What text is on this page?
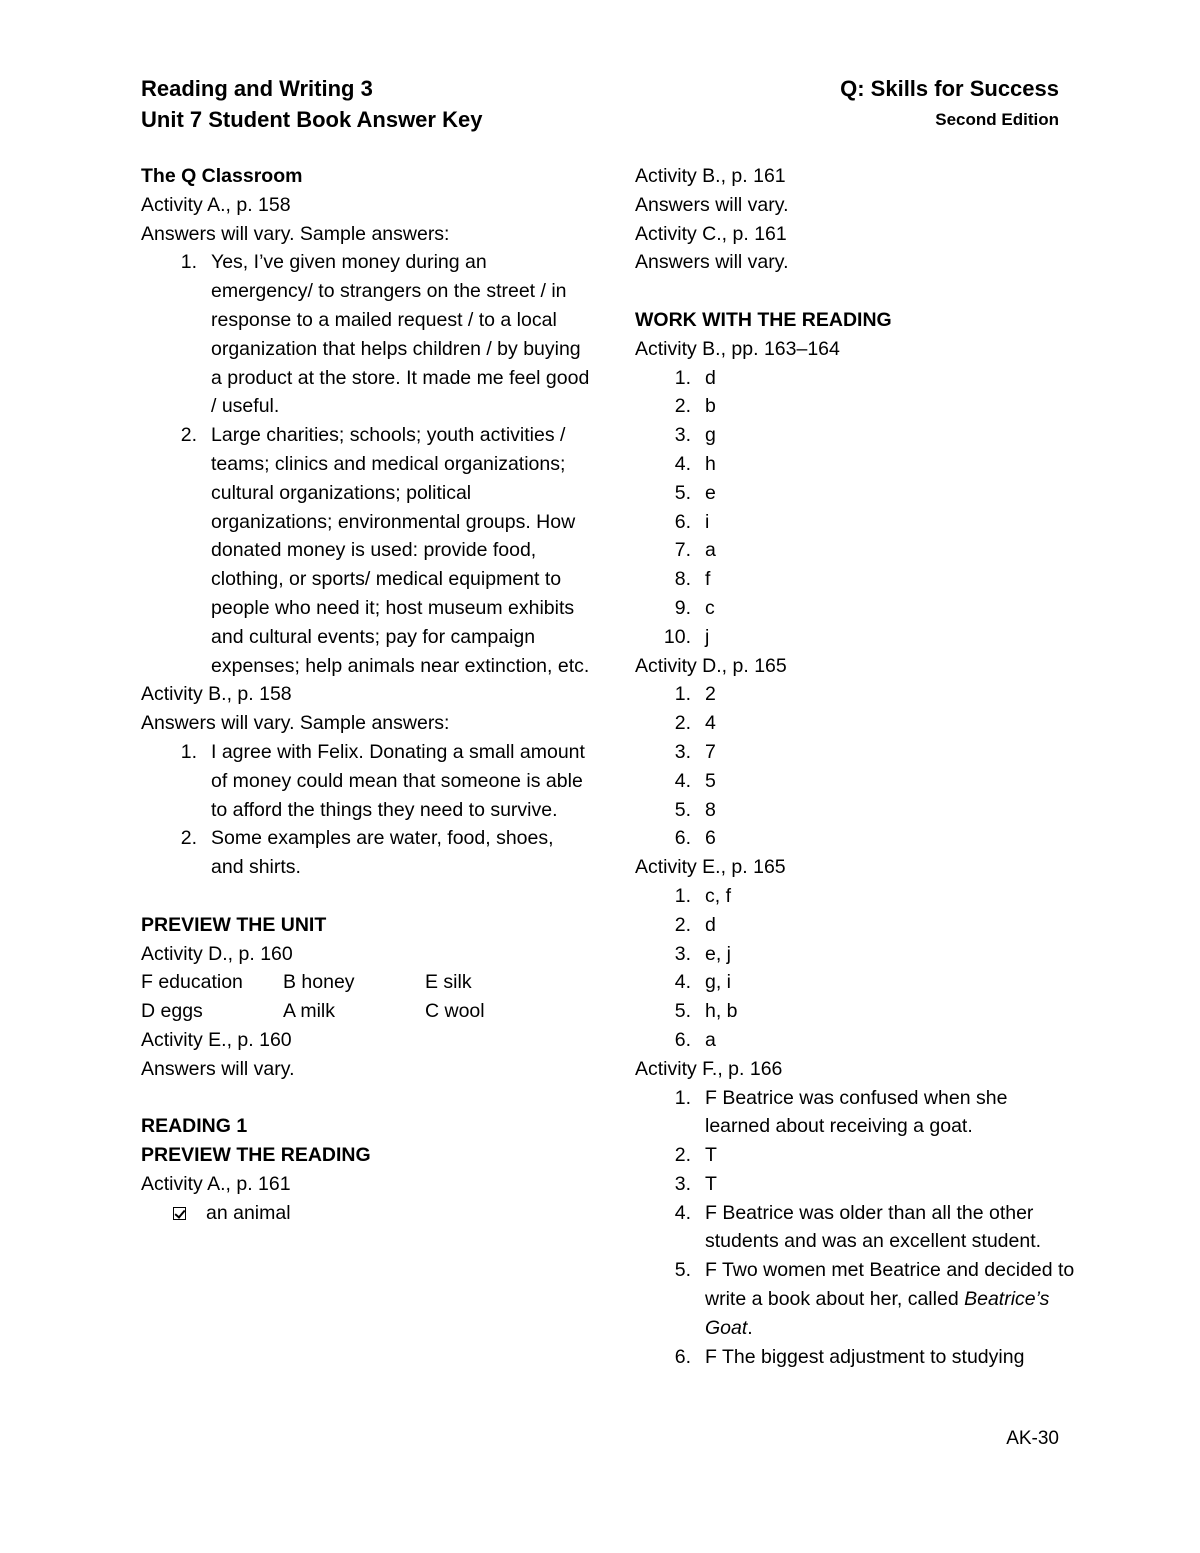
Reading and Writing 3
Unit 7 Student Book Answer Key
Q: Skills for Success
Second Edition
The Q Classroom
Activity A., p. 158
Answers will vary. Sample answers:
1. Yes, I’ve given money during an emergency/ to strangers on the street / in response to a mailed request / to a local organization that helps children / by buying a product at the store. It made me feel good / useful.
2. Large charities; schools; youth activities / teams; clinics and medical organizations; cultural organizations; political organizations; environmental groups. How donated money is used: provide food, clothing, or sports/ medical equipment to people who need it; host museum exhibits and cultural events; pay for campaign expenses; help animals near extinction, etc.
Activity B., p. 158
Answers will vary. Sample answers:
1. I agree with Felix. Donating a small amount of money could mean that someone is able to afford the things they need to survive.
2. Some examples are water, food, shoes, and shirts.
PREVIEW THE UNIT
Activity D., p. 160
F education	B honey	E silk
D eggs	A milk	C wool
Activity E., p. 160
Answers will vary.
READING 1
PREVIEW THE READING
Activity A., p. 161
an animal
Activity B., p. 161
Answers will vary.
Activity C., p. 161
Answers will vary.
WORK WITH THE READING
Activity B., pp. 163–164
1. d
2. b
3. g
4. h
5. e
6. i
7. a
8. f
9. c
10. j
Activity D., p. 165
1. 2
2. 4
3. 7
4. 5
5. 8
6. 6
Activity E., p. 165
1. c, f
2. d
3. e, j
4. g, i
5. h, b
6. a
Activity F., p. 166
1. F Beatrice was confused when she learned about receiving a goat.
2. T
3. T
4. F Beatrice was older than all the other students and was an excellent student.
5. F Two women met Beatrice and decided to write a book about her, called Beatrice’s Goat.
6. F The biggest adjustment to studying
AK-30
